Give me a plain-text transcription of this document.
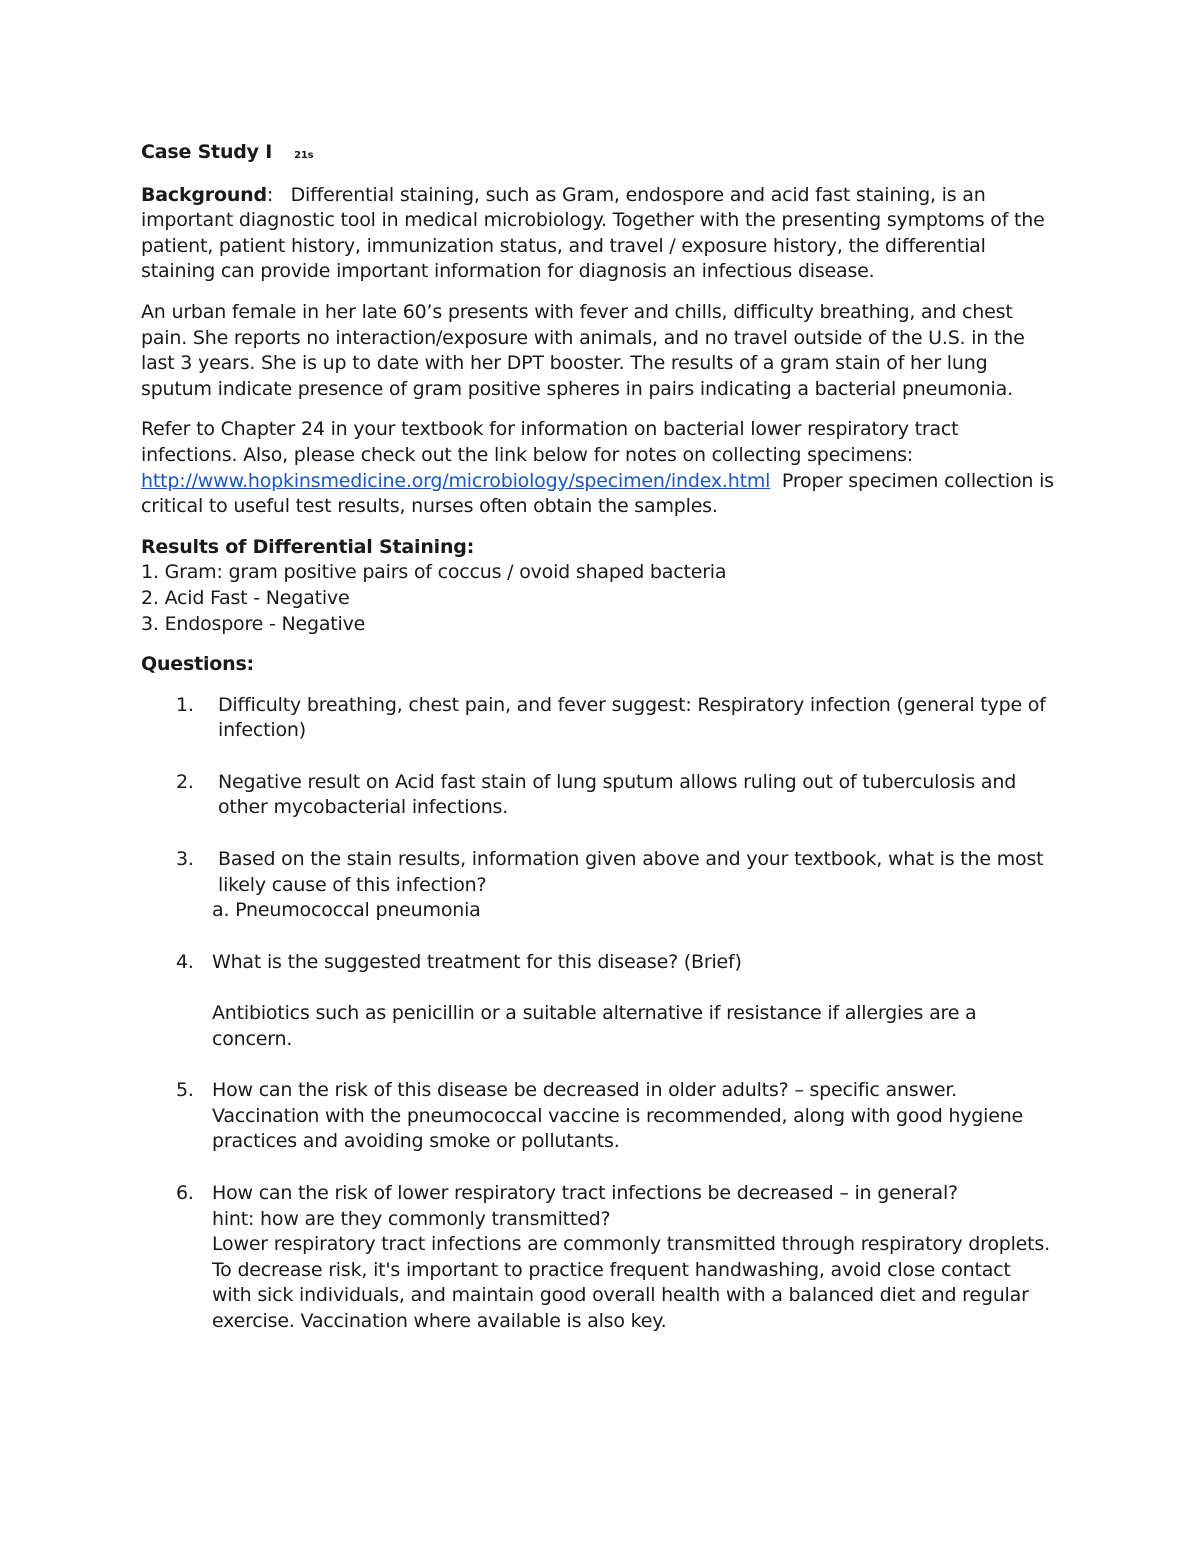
Case Study I 21s

Background: Differential staining, such as Gram, endospore and acid fast staining, is an important diagnostic tool in medical microbiology. Together with the presenting symptoms of the patient, patient history, immunization status, and travel / exposure history, the differential staining can provide important information for diagnosis an infectious disease.

An urban female in her late 60’s presents with fever and chills, difficulty breathing, and chest pain. She reports no interaction/exposure with animals, and no travel outside of the U.S. in the last 3 years. She is up to date with her DPT booster. The results of a gram stain of her lung sputum indicate presence of gram positive spheres in pairs indicating a bacterial pneumonia.

Refer to Chapter 24 in your textbook for information on bacterial lower respiratory tract infections. Also, please check out the link below for notes on collecting specimens: http://www.hopkinsmedicine.org/microbiology/specimen/index.html Proper specimen collection is critical to useful test results, nurses often obtain the samples.

Results of Differential Staining:
1. Gram: gram positive pairs of coccus / ovoid shaped bacteria
2. Acid Fast - Negative
3. Endospore - Negative
Questions:
1.	Difficulty breathing, chest pain, and fever suggest: Respiratory infection (general type of infection)
2.	Negative result on Acid fast stain of lung sputum allows ruling out of tuberculosis and other mycobacterial infections.
3.	Based on the stain results, information given above and your textbook, what is the most likely cause of this infection?
a. Pneumococcal pneumonia
4. What is the suggested treatment for this disease? (Brief)
Antibiotics such as penicillin or a suitable alternative if resistance if allergies are a concern.
5. How can the risk of this disease be decreased in older adults? – specific answer.
Vaccination with the pneumococcal vaccine is recommended, along with good hygiene practices and avoiding smoke or pollutants.
6. How can the risk of lower respiratory tract infections be decreased – in general?
hint: how are they commonly transmitted?
Lower respiratory tract infections are commonly transmitted through respiratory droplets. To decrease risk, it's important to practice frequent handwashing, avoid close contact with sick individuals, and maintain good overall health with a balanced diet and regular exercise. Vaccination where available is also key.
